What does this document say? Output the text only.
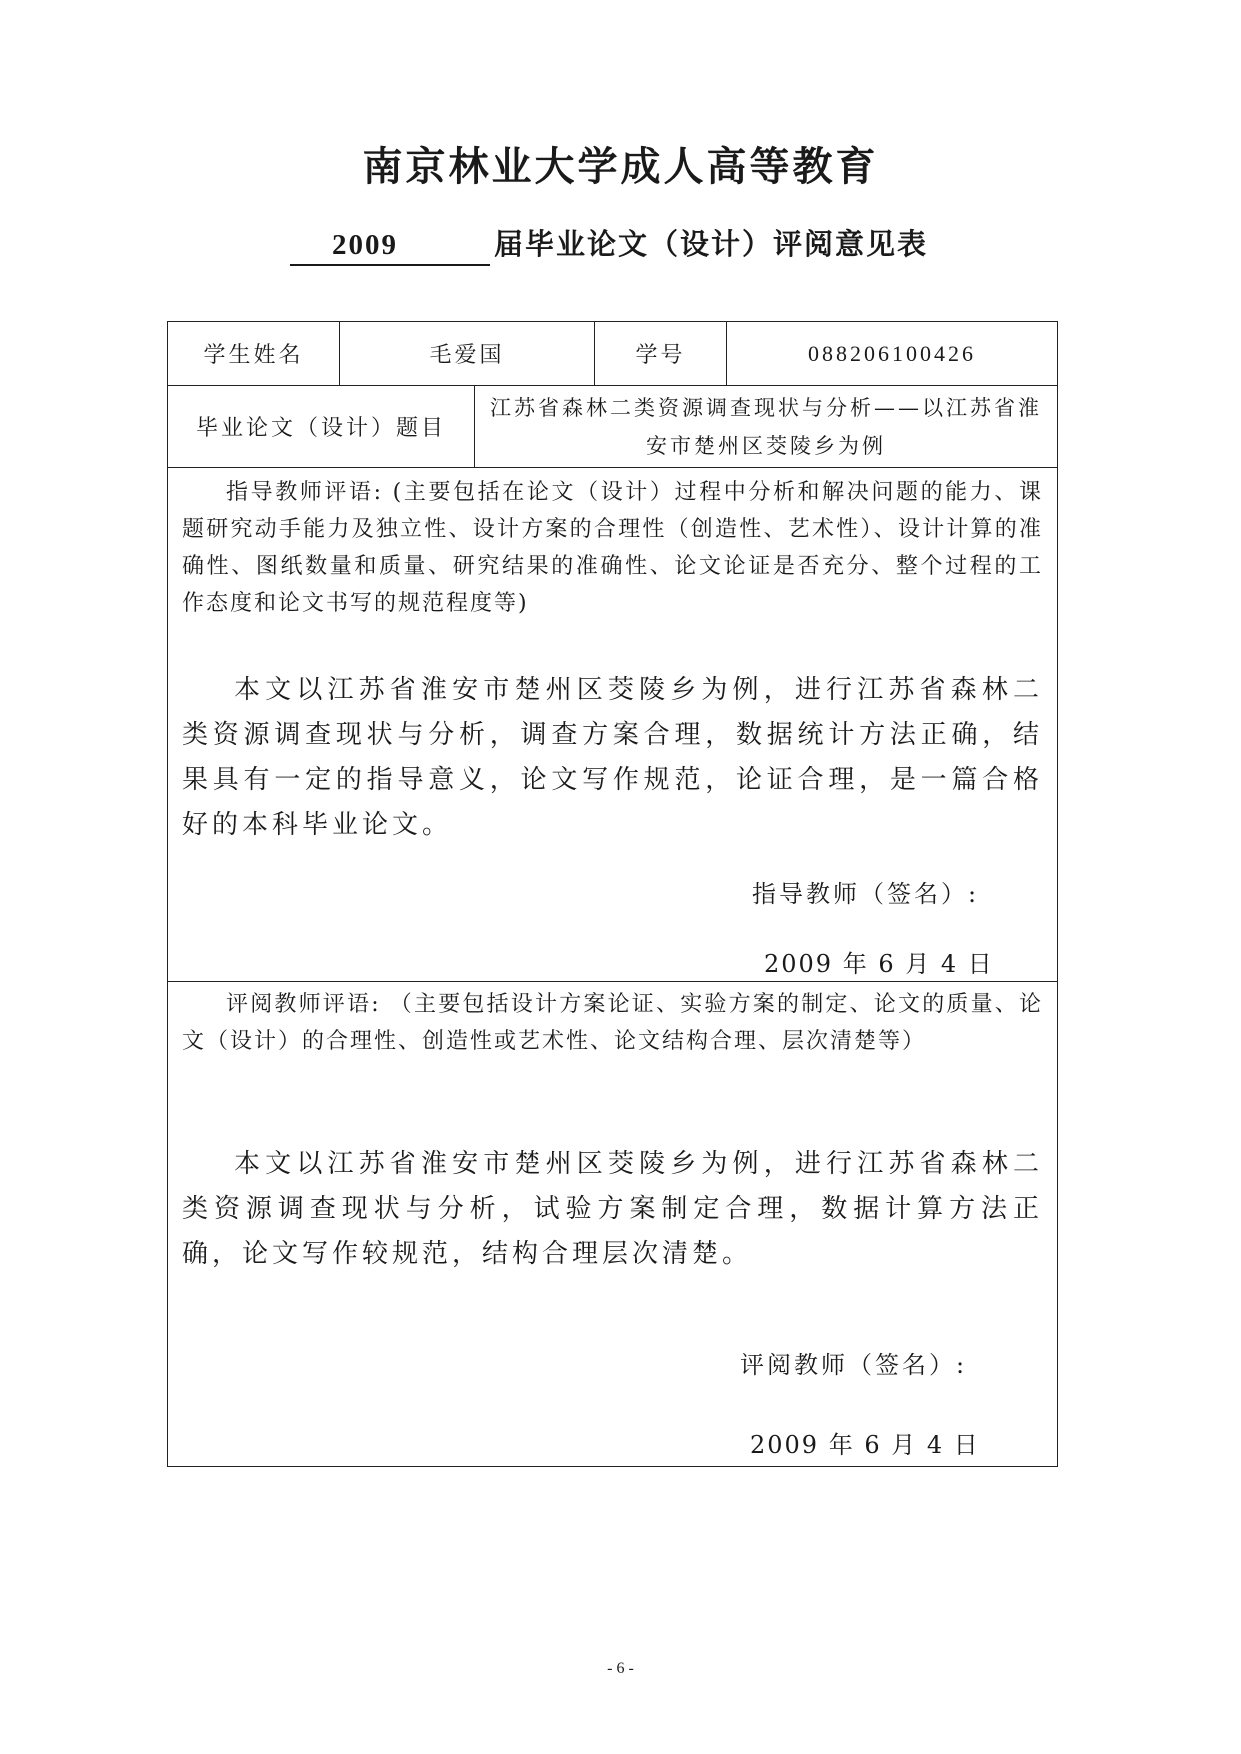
南京林业大学成人高等教育
2009	届毕业论文（设计）评阅意见表
学生姓名	毛爱国		学号	088206100426
毕业论文（设计）题目		江苏省森林二类资源调查现状与分析——以江苏省淮安市楚州区茭陵乡为例		

指导教师评语: (主要包括在论文（设计）过程中分析和解决问题的能力、课题研究动手能力及独立性、设计方案的合理性（创造性、艺术性）、设计计算的准确性、图纸数量和质量、研究结果的准确性、论文论证是否充分、整个过程的工作态度和论文书写的规范程度等)

本文以江苏省淮安市楚州区茭陵乡为例，进行江苏省森林二类资源调查现状与分析，调查方案合理，数据统计方法正确，结果具有一定的指导意义，论文写作规范，论证合理，是一篇合格好的本科毕业论文。

指导教师（签名）:
2009 年 6 月 4 日				

评阅教师评语: （主要包括设计方案论证、实验方案的制定、论文的质量、论文（设计）的合理性、创造性或艺术性、论文结构合理、层次清楚等）

本文以江苏省淮安市楚州区茭陵乡为例，进行江苏省森林二类资源调查现状与分析，试验方案制定合理，数据计算方法正确，论文写作较规范，结构合理层次清楚。

评阅教师（签名）:
2009 年 6 月 4 日				
- 6 -
